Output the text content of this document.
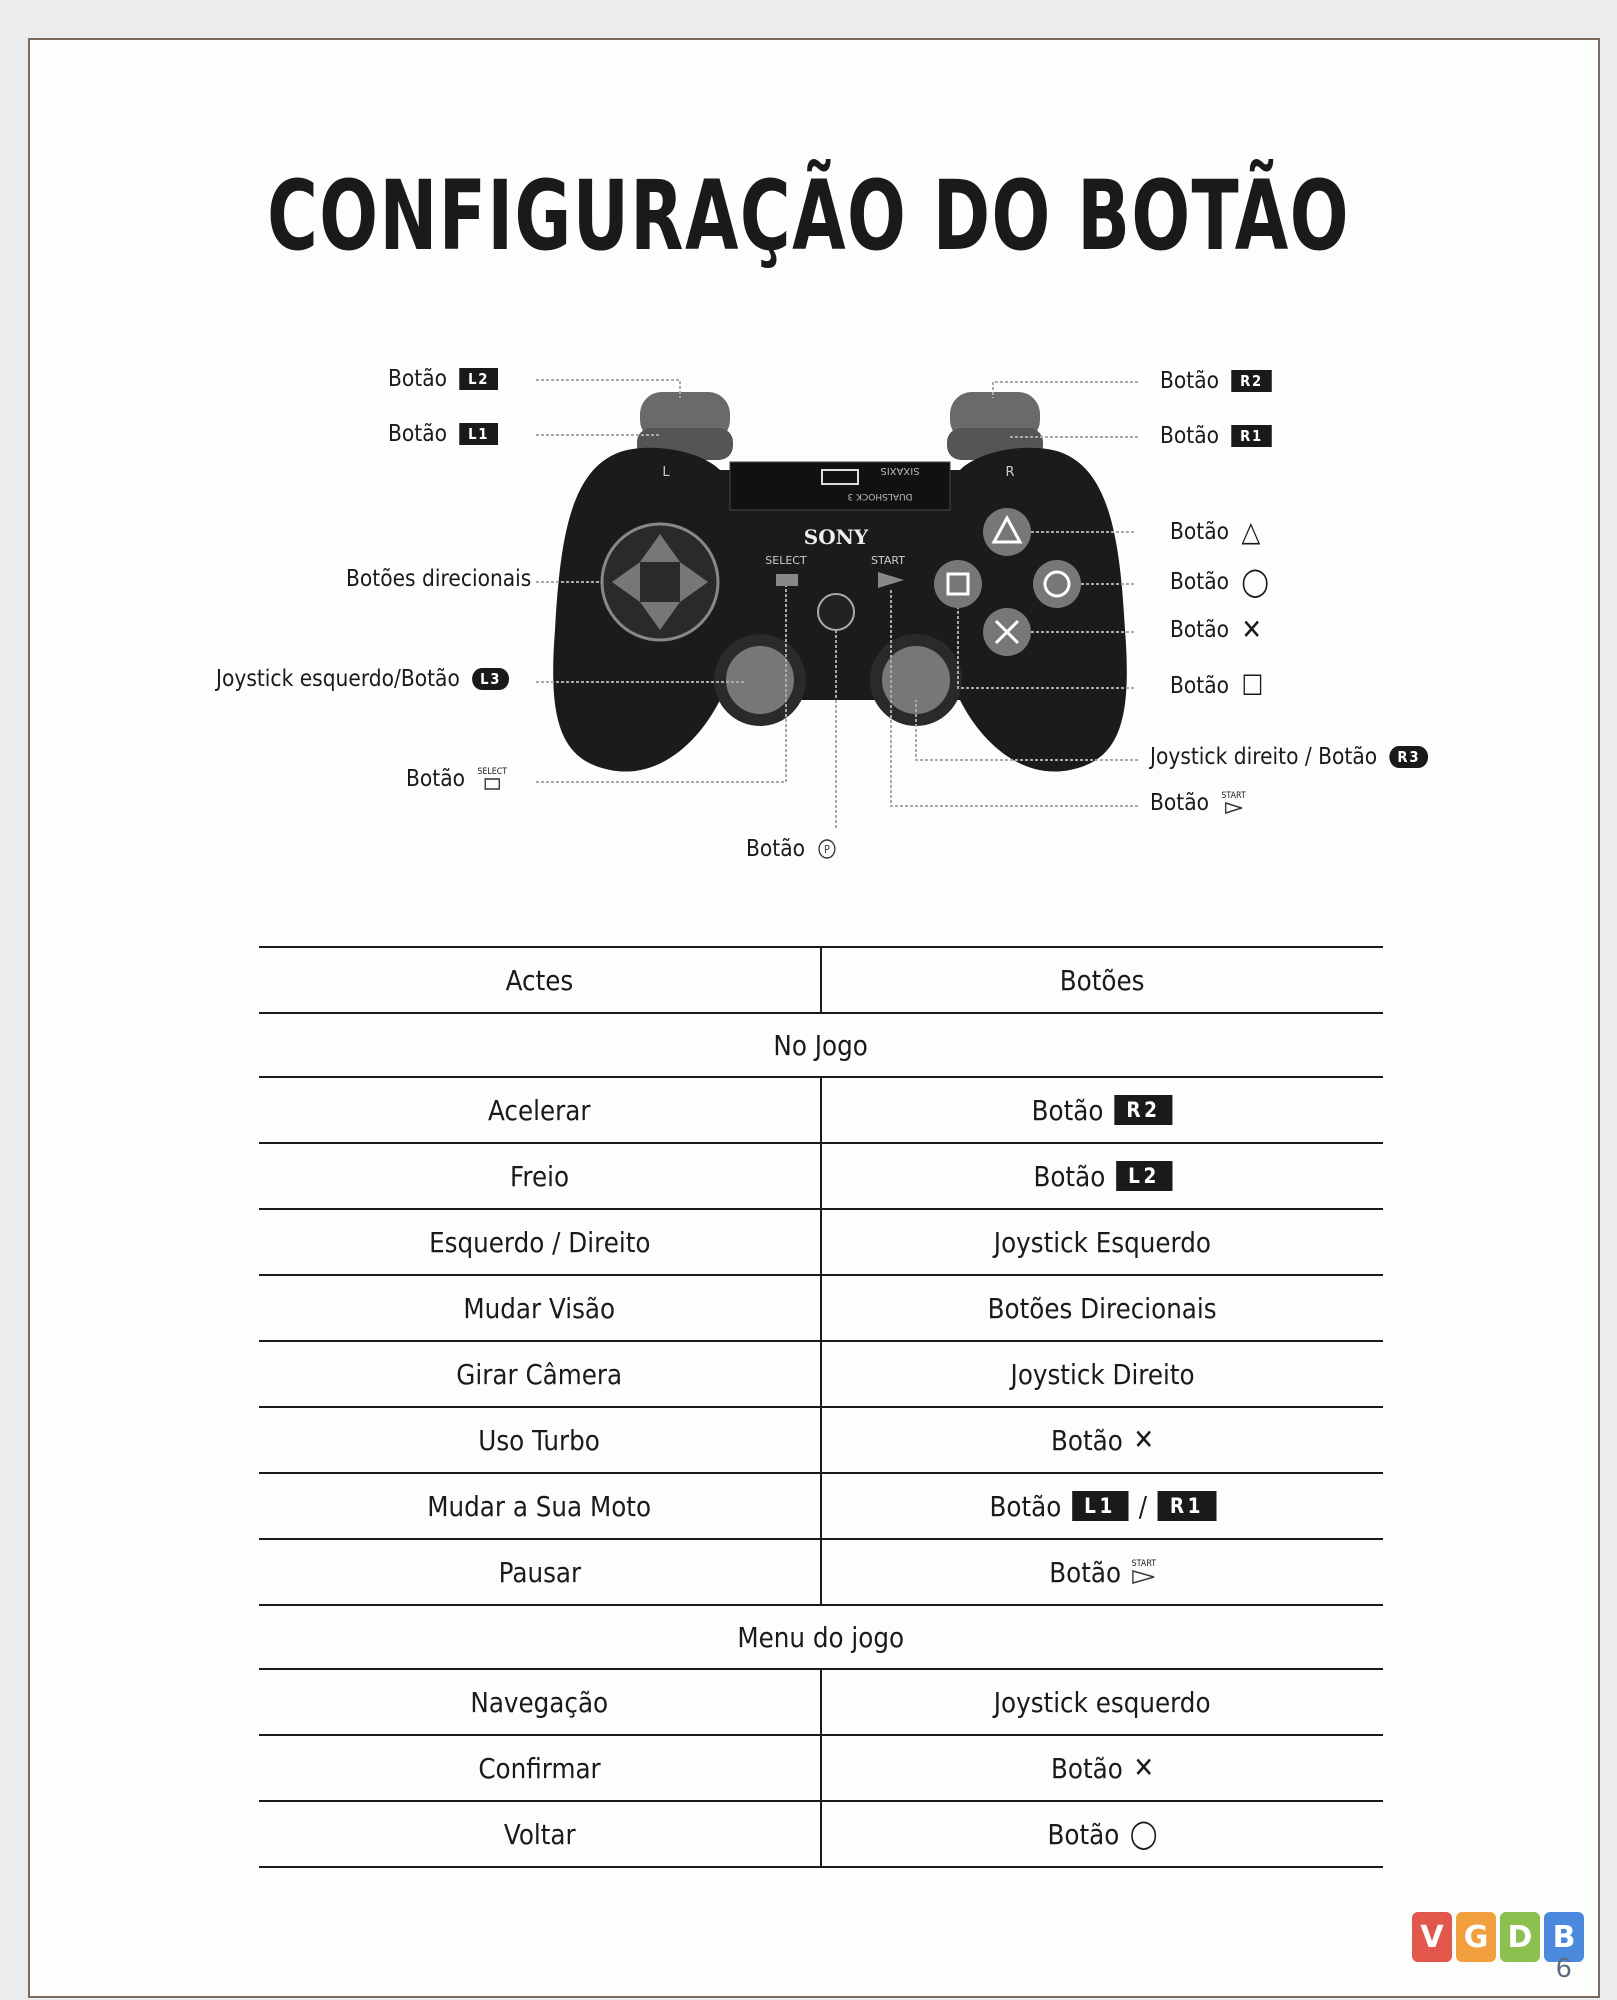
CONFIGURAÇÃO DO BOTÃO
SONY
SELECT	START
L	R
DUALSHOCK 3
SIXAXIS
Botão	L2
Botão	L1
Botão	R2
Botão	R1
Botão △
Botão ◯
Botão ✕
Botão ☐
Botões direcionais
Joystick esquerdo/Botão	L3
Joystick direito / Botão	R3
Botão SELECT
Botão START
Botão P
Actes	Botões
No Jogo	
Acelerar	Botão R2

Freio	Botão L2

Esquerdo / Direito	Joystick Esquerdo
Mudar Visão	Botões Direcionais
Girar Câmera	Joystick Direito
Uso Turbo	Botão ✕

Mudar a Sua Moto	Botão L1 / R1

Pausar	Botão START

Menu do jogo	
Navegação	Joystick esquerdo
Confirmar	Botão ✕

Voltar	Botão ◯
V G D B
6
